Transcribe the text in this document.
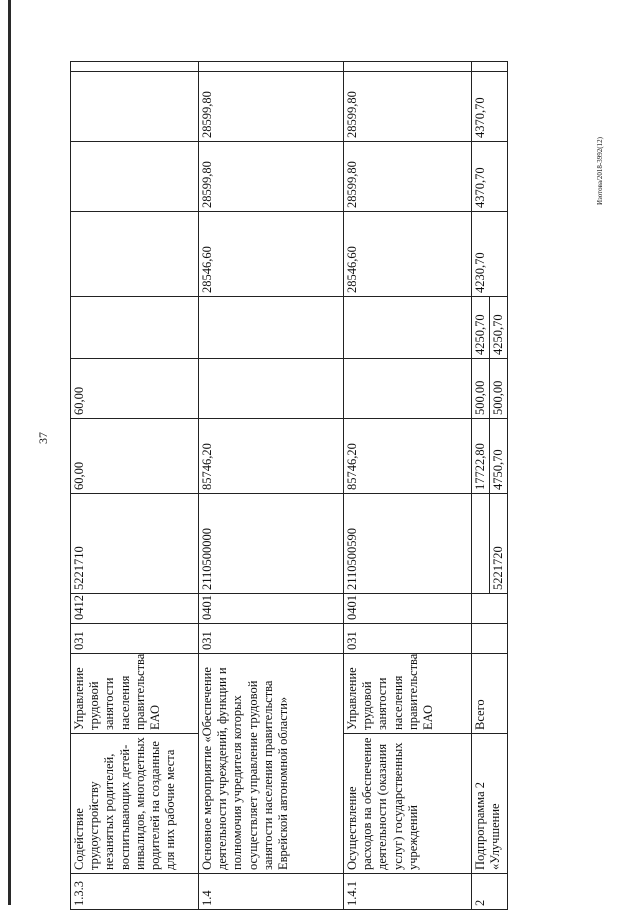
37
Изотова/2018-3992(12)
1.3.3	Содействие трудоустройству незанятых родителей, воспитывающих детей-инвалидов, многодетных родителей на созданные для них рабочие места	Управление трудовой занятости населения правительства ЕАО	031	0412	5221710	60,00	60,00					
1.4	Основное мероприятие «Обеспечение деятельности учреждений, функции и полномочия учредителя которых осуществляет управление трудовой занятости населения правительства Еврейской автономной области»		031	0401	2110500000	85746,20			28546,60	28599,80	28599,80	
1.4.1	Осуществление расходов на обеспечение деятельности (оказания услуг) государственных учреждений	Управление трудовой занятости населения правительства ЕАО	031	0401	2110500590	85746,20			28546,60	28599,80	28599,80	
2	Подпрограмма 2 «Улучшение	Всего				17722,80	500,00	4250,70	4230,70	4370,70	4370,70	
					5221720	4750,70	500,00	4250,70				
